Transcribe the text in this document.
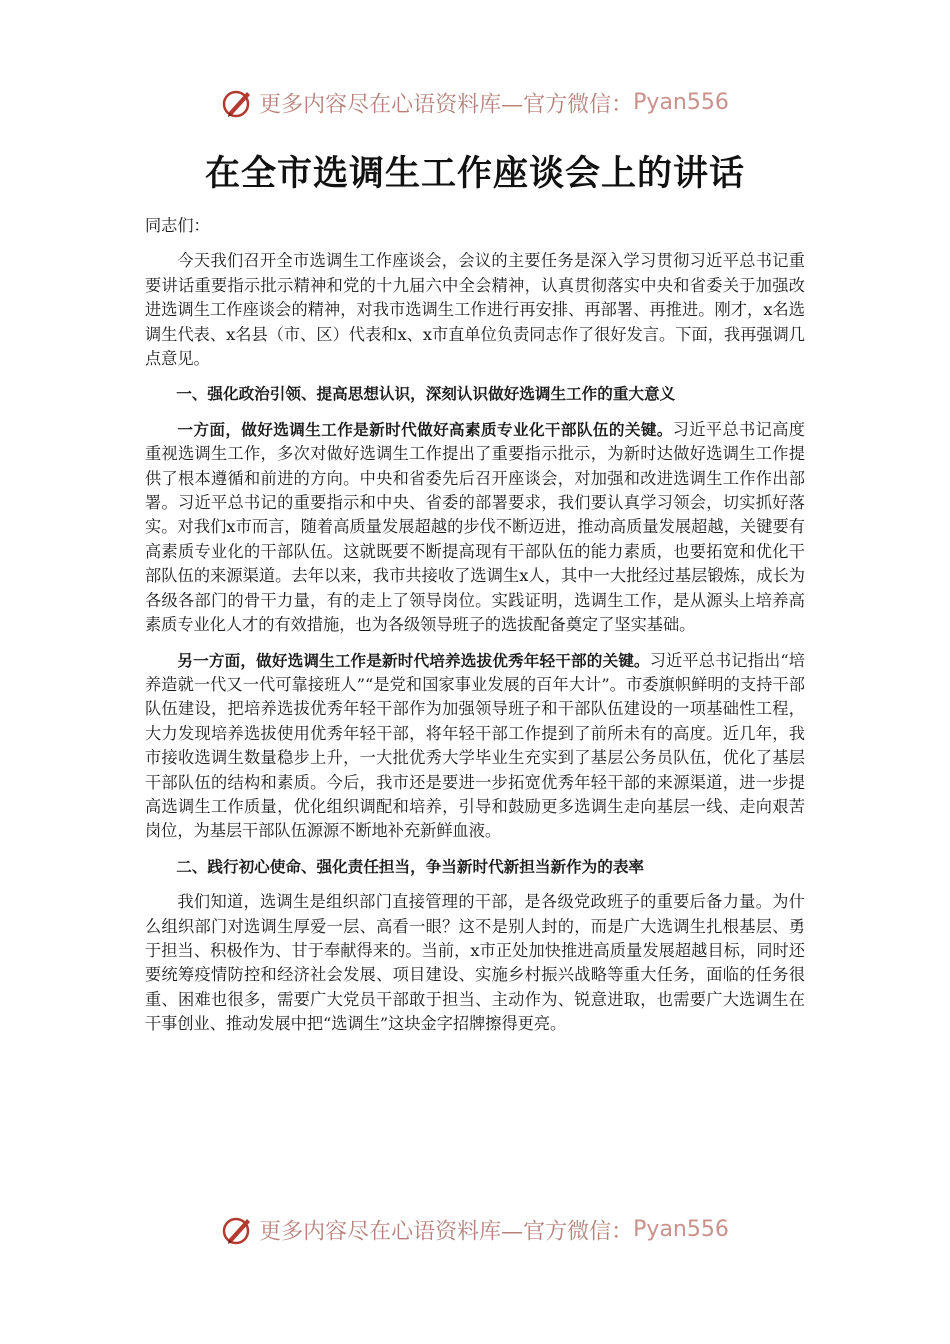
更多内容尽在心语资料库—官方微信：Pyan556
在全市选调生工作座谈会上的讲话

同志们：

今天我们召开全市选调生工作座谈会，会议的主要任务是深入学习贯彻习近平总书记重要讲话重要指示批示精神和党的十九届六中全会精神，认真贯彻落实中央和省委关于加强改进选调生工作座谈会的精神，对我市选调生工作进行再安排、再部署、再推进。刚才，x名选调生代表、x名县（市、区）代表和x、x市直单位负责同志作了很好发言。下面，我再强调几点意见。

一、强化政治引领、提高思想认识，深刻认识做好选调生工作的重大意义

一方面，做好选调生工作是新时代做好高素质专业化干部队伍的关键。习近平总书记高度重视选调生工作，多次对做好选调生工作提出了重要指示批示，为新时达做好选调生工作提供了根本遵循和前进的方向。中央和省委先后召开座谈会，对加强和改进选调生工作作出部署。习近平总书记的重要指示和中央、省委的部署要求，我们要认真学习领会，切实抓好落实。对我们x市而言，随着高质量发展超越的步伐不断迈进，推动高质量发展超越，关键要有高素质专业化的干部队伍。这就既要不断提高现有干部队伍的能力素质，也要拓宽和优化干部队伍的来源渠道。去年以来，我市共接收了选调生x人，其中一大批经过基层锻炼，成长为各级各部门的骨干力量，有的走上了领导岗位。实践证明，选调生工作，是从源头上培养高素质专业化人才的有效措施，也为各级领导班子的选拔配备奠定了坚实基础。

另一方面，做好选调生工作是新时代培养选拔优秀年轻干部的关键。习近平总书记指出“培养造就一代又一代可靠接班人”“是党和国家事业发展的百年大计”。市委旗帜鲜明的支持干部队伍建设，把培养选拔优秀年轻干部作为加强领导班子和干部队伍建设的一项基础性工程，大力发现培养选拔使用优秀年轻干部，将年轻干部工作提到了前所未有的高度。近几年，我市接收选调生数量稳步上升，一大批优秀大学毕业生充实到了基层公务员队伍，优化了基层干部队伍的结构和素质。今后，我市还是要进一步拓宽优秀年轻干部的来源渠道，进一步提高选调生工作质量，优化组织调配和培养，引导和鼓励更多选调生走向基层一线、走向艰苦岗位，为基层干部队伍源源不断地补充新鲜血液。

二、践行初心使命、强化责任担当，争当新时代新担当新作为的表率

我们知道，选调生是组织部门直接管理的干部，是各级党政班子的重要后备力量。为什么组织部门对选调生厚爱一层、高看一眼？这不是别人封的，而是广大选调生扎根基层、勇于担当、积极作为、甘于奉献得来的。当前，x市正处加快推进高质量发展超越目标，同时还要统筹疫情防控和经济社会发展、项目建设、实施乡村振兴战略等重大任务，面临的任务很重、困难也很多，需要广大党员干部敢于担当、主动作为、锐意进取，也需要广大选调生在干事创业、推动发展中把“选调生”这块金字招牌擦得更亮。

更多内容尽在心语资料库—官方微信：Pyan556
